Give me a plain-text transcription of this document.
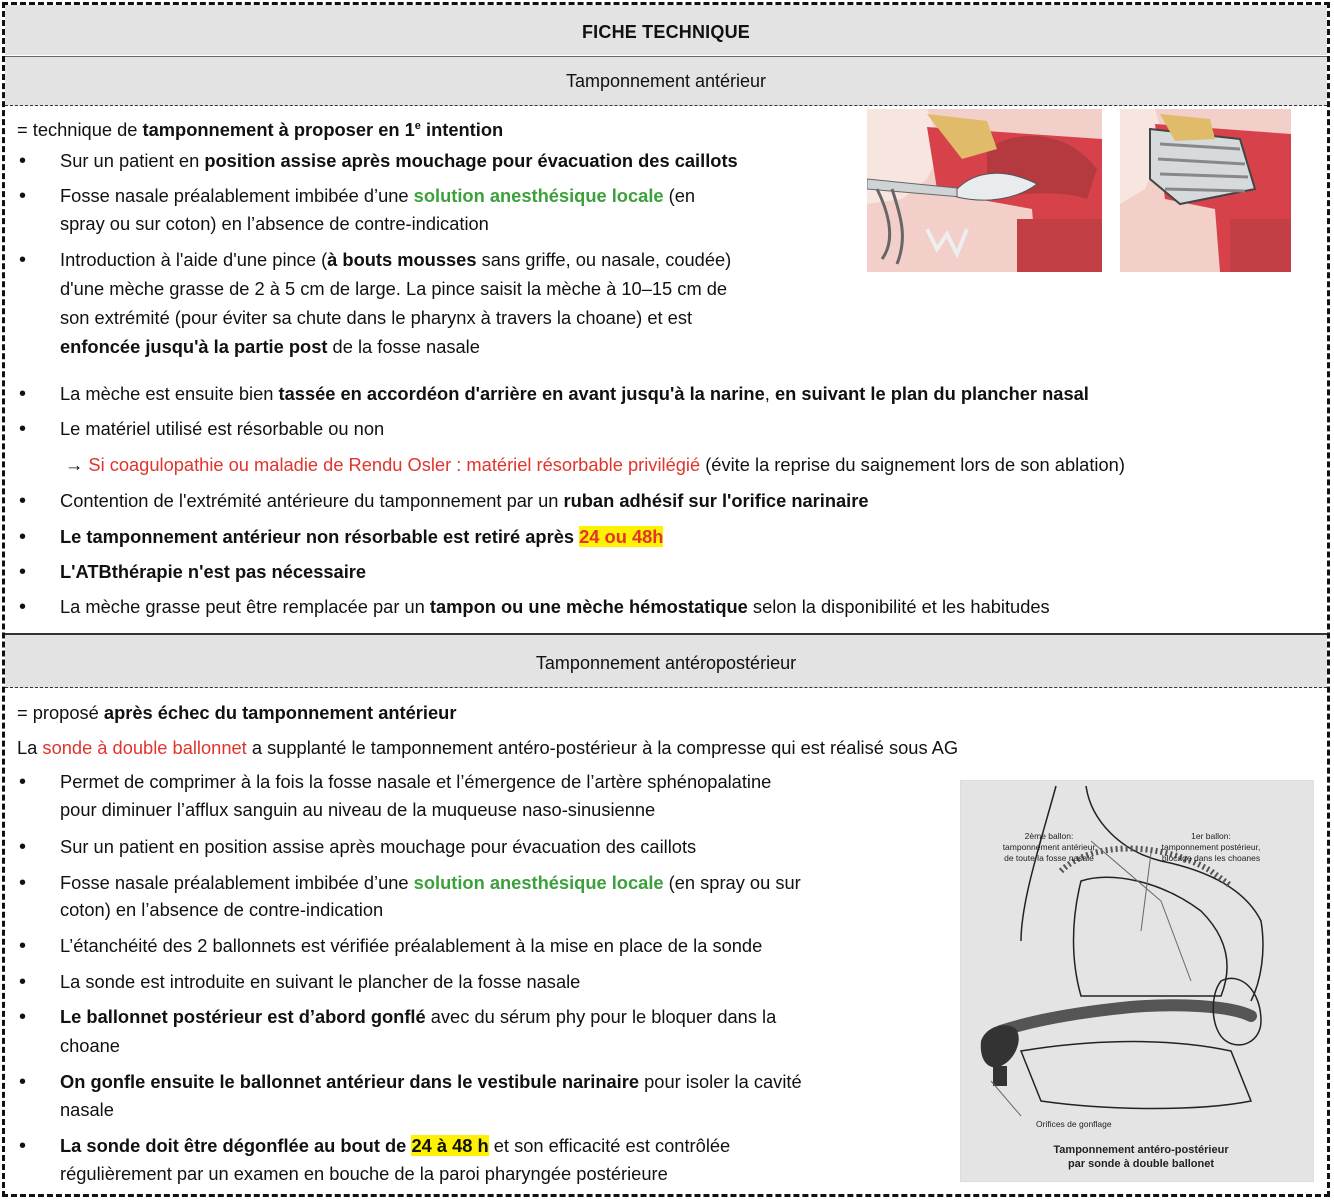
FICHE TECHNIQUE
Tamponnement antérieur
= technique de tamponnement à proposer en 1e intention
• Sur un patient en position assise après mouchage pour évacuation des caillots
• Fosse nasale préalablement imbibée d’une solution anesthésique locale (en
spray ou sur coton) en l’absence de contre-indication
• Introduction à l'aide d'une pince (à bouts mousses sans griffe, ou nasale, coudée)
d'une mèche grasse de 2 à 5 cm de large. La pince saisit la mèche à 10–15 cm de
son extrémité (pour éviter sa chute dans le pharynx à travers la choane) et est
enfoncée jusqu'à la partie post de la fosse nasale
• La mèche est ensuite bien tassée en accordéon d'arrière en avant jusqu'à la narine, en suivant le plan du plancher nasal
• Le matériel utilisé est résorbable ou non
→ Si coagulopathie ou maladie de Rendu Osler : matériel résorbable privilégié (évite la reprise du saignement lors de son ablation)
• Contention de l'extrémité antérieure du tamponnement par un ruban adhésif sur l'orifice narinaire
• Le tamponnement antérieur non résorbable est retiré après 24 ou 48h
• L'ATBthérapie n'est pas nécessaire
• La mèche grasse peut être remplacée par un tampon ou une mèche hémostatique selon la disponibilité et les habitudes
Tamponnement antéropostérieur
= proposé après échec du tamponnement antérieur
La sonde à double ballonnet a supplanté le tamponnement antéro-postérieur à la compresse qui est réalisé sous AG
• Permet de comprimer à la fois la fosse nasale et l’émergence de l’artère sphénopalatine
pour diminuer l’afflux sanguin au niveau de la muqueuse naso-sinusienne
• Sur un patient en position assise après mouchage pour évacuation des caillots
• Fosse nasale préalablement imbibée d’une solution anesthésique locale (en spray ou sur
coton) en l’absence de contre-indication
• L’étanchéité des 2 ballonnets est vérifiée préalablement à la mise en place de la sonde
• La sonde est introduite en suivant le plancher de la fosse nasale
• Le ballonnet postérieur est d’abord gonflé avec du sérum phy pour le bloquer dans la
choane
• On gonfle ensuite le ballonnet antérieur dans le vestibule narinaire pour isoler la cavité
nasale
• La sonde doit être dégonflée au bout de 24 à 48 h et son efficacité est contrôlée
régulièrement par un examen en bouche de la paroi pharyngée postérieure
2ème ballon:
tamponnement antérieur
de toute la fosse nasale
1er ballon:
tamponnement postérieur,
blocage dans les choanes
Orifices de gonflage
Tamponnement antéro-postérieur
par sonde à double ballonet
